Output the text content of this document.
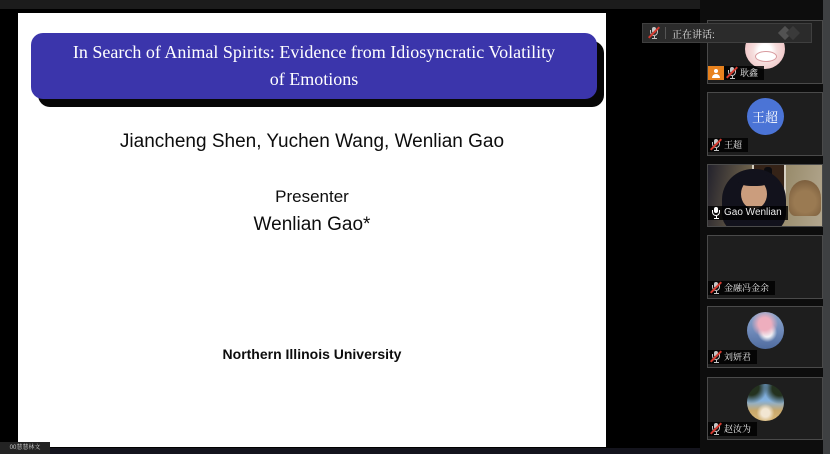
In Search of Animal Spirits: Evidence from Idiosyncratic Volatility
of Emotions
Jiancheng Shen, Yuchen Wang, Wenlian Gao
Presenter
Wenlian Gao*
Northern Illinois University
00慧慧林文
耿鑫
王超
王超
Gao Wenlian
金融冯金余
刘妍君
赵汝为
正在讲话:
